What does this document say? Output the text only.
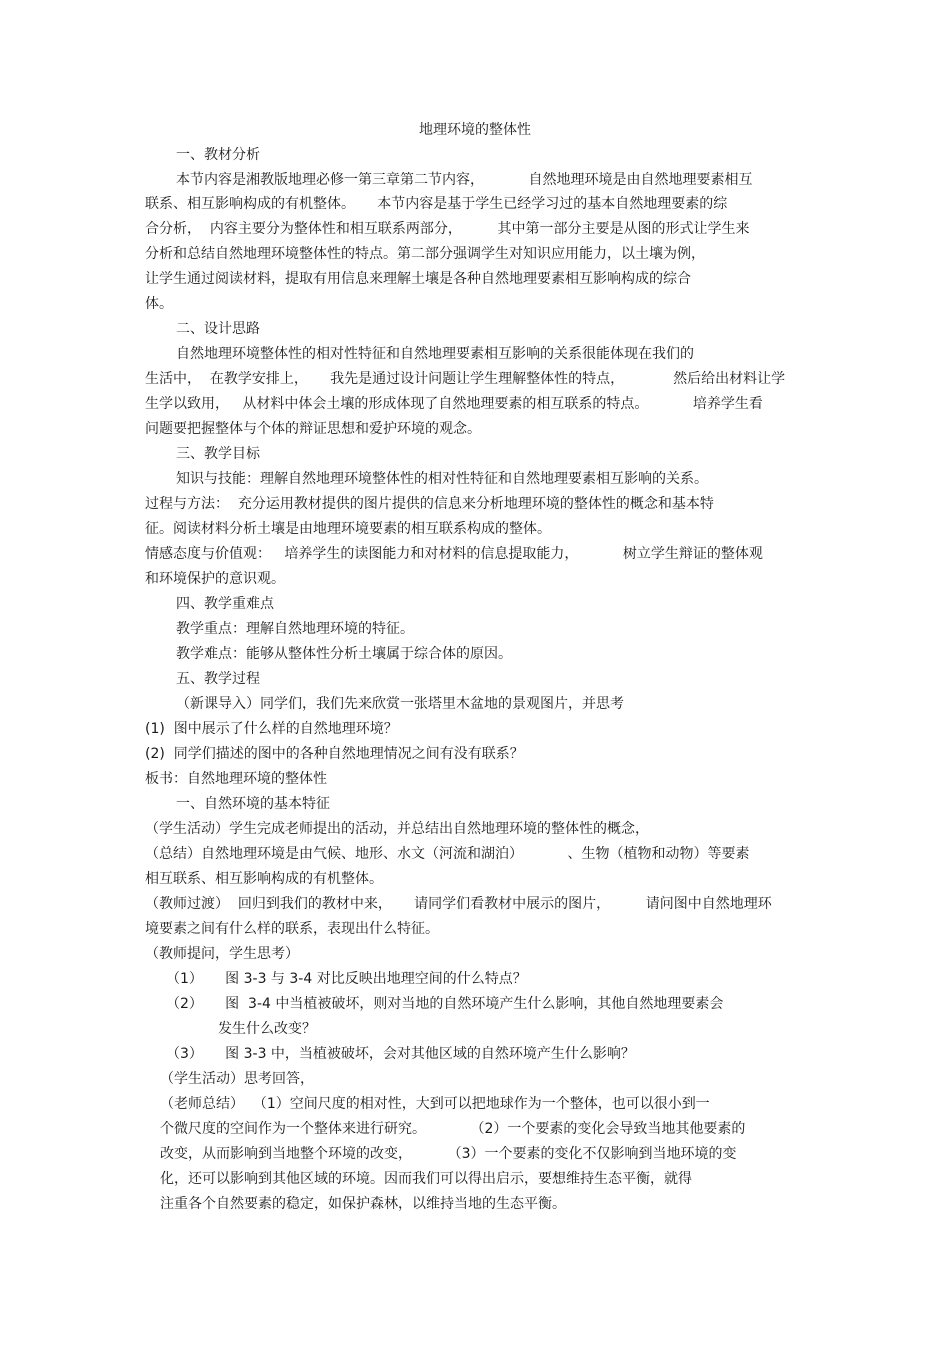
地理环境的整体性
一、教材分析
本节内容是湘教版地理必修一第三章第二节内容，          自然地理环境是由自然地理要素相互
联系、相互影响构成的有机整体。     本节内容是基于学生已经学习过的基本自然地理要素的综
合分析，  内容主要分为整体性和相互联系两部分，        其中第一部分主要是从图的形式让学生来
分析和总结自然地理环境整体性的特点。第二部分强调学生对知识应用能力，以土壤为例，
让学生通过阅读材料，提取有用信息来理解土壤是各种自然地理要素相互影响构成的综合
体。
二、设计思路
自然地理环境整体性的相对性特征和自然地理要素相互影响的关系很能体现在我们的
生活中，  在教学安排上，     我先是通过设计问题让学生理解整体性的特点，           然后给出材料让学
生学以致用，   从材料中体会土壤的形成体现了自然地理要素的相互联系的特点。          培养学生看
问题要把握整体与个体的辩证思想和爱护环境的观念。
三、教学目标
知识与技能：理解自然地理环境整体性的相对性特征和自然地理要素相互影响的关系。
过程与方法：  充分运用教材提供的图片提供的信息来分析地理环境的整体性的概念和基本特
征。阅读材料分析土壤是由地理环境要素的相互联系构成的整体。
情感态度与价值观：   培养学生的读图能力和对材料的信息提取能力，          树立学生辩证的整体观
和环境保护的意识观。
四、教学重难点
教学重点：理解自然地理环境的特征。
教学难点：能够从整体性分析土壤属于综合体的原因。
五、教学过程
（新课导入）同学们，我们先来欣赏一张塔里木盆地的景观图片，并思考
(1)  图中展示了什么样的自然地理环境？
(2)  同学们描述的图中的各种自然地理情况之间有没有联系？
板书：自然地理环境的整体性
一、自然环境的基本特征
（学生活动）学生完成老师提出的活动，并总结出自然地理环境的整体性的概念，
（总结）自然地理环境是由气候、地形、水文（河流和湖泊）          、生物（植物和动物）等要素
相互联系、相互影响构成的有机整体。
（教师过渡）  回归到我们的教材中来，     请同学们看教材中展示的图片，        请问图中自然地理环
境要素之间有什么样的联系，表现出什么特征。
（教师提问，学生思考）
（1）     图 3-3 与 3-4 对比反映出地理空间的什么特点？
（2）     图  3-4 中当植被破坏，则对当地的自然环境产生什么影响，其他自然地理要素会
发生什么改变？
（3）     图 3-3 中，当植被破坏，会对其他区域的自然环境产生什么影响？
（学生活动）思考回答，
（老师总结）  （1）空间尺度的相对性，大到可以把地球作为一个整体，也可以很小到一
个微尺度的空间作为一个整体来进行研究。          （2）一个要素的变化会导致当地其他要素的
改变，从而影响到当地整个环境的改变，        （3）一个要素的变化不仅影响到当地环境的变
化，还可以影响到其他区域的环境。因而我们可以得出启示，要想维持生态平衡，就得
注重各个自然要素的稳定，如保护森林，以维持当地的生态平衡。
